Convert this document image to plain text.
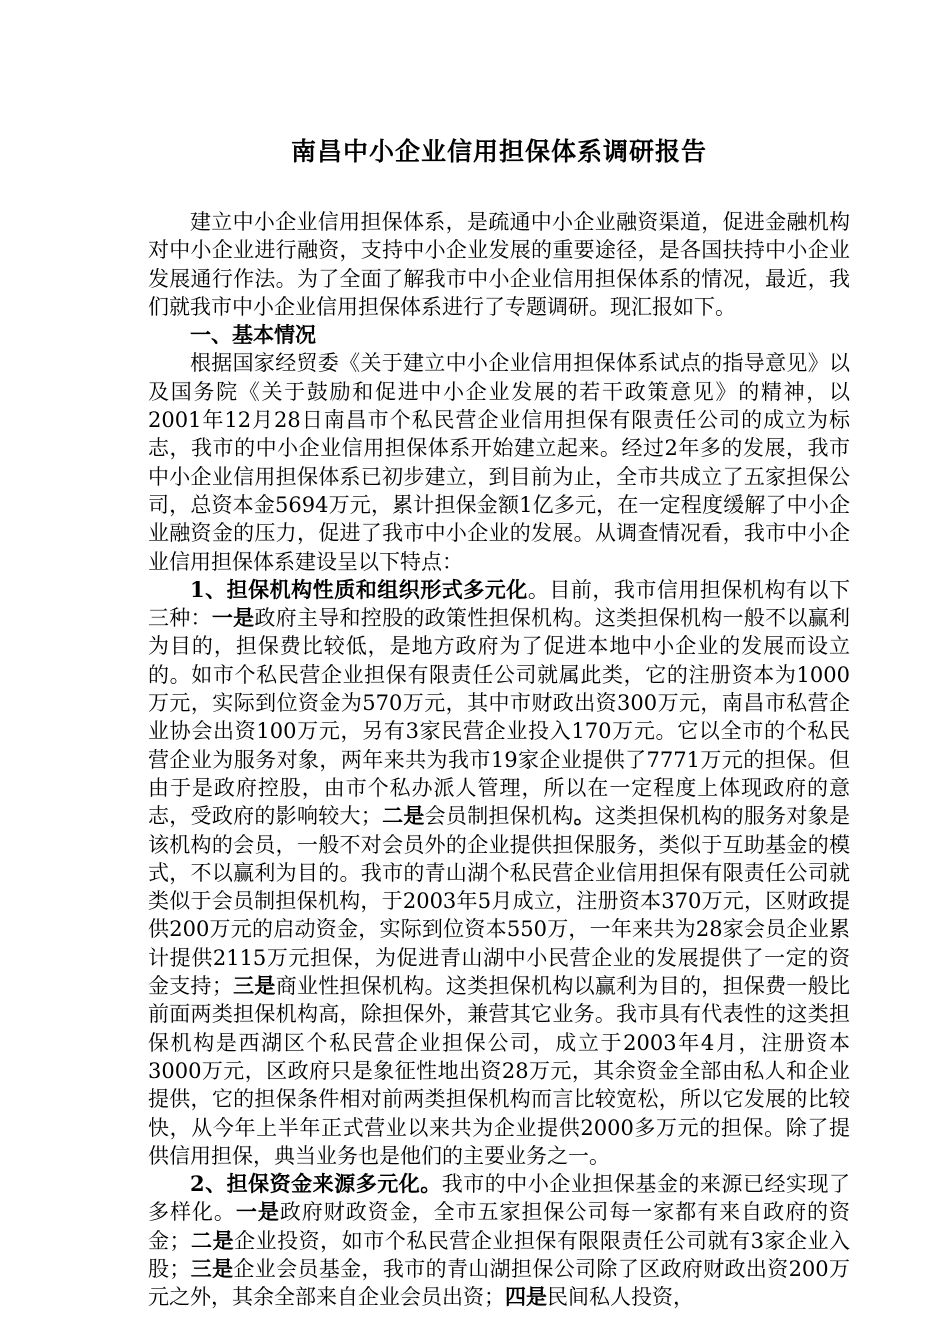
南昌中小企业信用担保体系调研报告

建立中小企业信用担保体系，是疏通中小企业融资渠道，促进金融机构对中小企业进行融资，支持中小企业发展的重要途径，是各国扶持中小企业发展通行作法。为了全面了解我市中小企业信用担保体系的情况，最近，我们就我市中小企业信用担保体系进行了专题调研。现汇报如下。

一、基本情况

根据国家经贸委《关于建立中小企业信用担保体系试点的指导意见》以及国务院《关于鼓励和促进中小企业发展的若干政策意见》的精神，以2001年12月28日南昌市个私民营企业信用担保有限责任公司的成立为标志，我市的中小企业信用担保体系开始建立起来。经过2年多的发展，我市中小企业信用担保体系已初步建立，到目前为止，全市共成立了五家担保公司，总资本金5694万元，累计担保金额1亿多元，在一定程度缓解了中小企业融资金的压力，促进了我市中小企业的发展。从调查情况看，我市中小企业信用担保体系建设呈以下特点：

1、担保机构性质和组织形式多元化。目前，我市信用担保机构有以下三种：一是政府主导和控股的政策性担保机构。这类担保机构一般不以赢利为目的，担保费比较低，是地方政府为了促进本地中小企业的发展而设立的。如市个私民营企业担保有限责任公司就属此类，它的注册资本为1000万元，实际到位资金为570万元，其中市财政出资300万元，南昌市私营企业协会出资100万元，另有3家民营企业投入170万元。它以全市的个私民营企业为服务对象，两年来共为我市19家企业提供了7771万元的担保。但由于是政府控股，由市个私办派人管理，所以在一定程度上体现政府的意志，受政府的影响较大；二是会员制担保机构。这类担保机构的服务对象是该机构的会员，一般不对会员外的企业提供担保服务，类似于互助基金的模式，不以赢利为目的。我市的青山湖个私民营企业信用担保有限责任公司就类似于会员制担保机构，于2003年5月成立，注册资本370万元，区财政提供200万元的启动资金，实际到位资本550万，一年来共为28家会员企业累计提供2115万元担保，为促进青山湖中小民营企业的发展提供了一定的资金支持；三是商业性担保机构。这类担保机构以赢利为目的，担保费一般比前面两类担保机构高，除担保外，兼营其它业务。我市具有代表性的这类担保机构是西湖区个私民营企业担保公司，成立于2003年4月，注册资本3000万元，区政府只是象征性地出资28万元，其余资金全部由私人和企业提供，它的担保条件相对前两类担保机构而言比较宽松，所以它发展的比较快，从今年上半年正式营业以来共为企业提供2000多万元的担保。除了提供信用担保，典当业务也是他们的主要业务之一。

2、担保资金来源多元化。我市的中小企业担保基金的来源已经实现了多样化。一是政府财政资金，全市五家担保公司每一家都有来自政府的资金；二是企业投资，如市个私民营企业担保有限限责任公司就有3家企业入股；三是企业会员基金，我市的青山湖担保公司除了区政府财政出资200万元之外，其余全部来自企业会员出资；四是民间私人投资，
